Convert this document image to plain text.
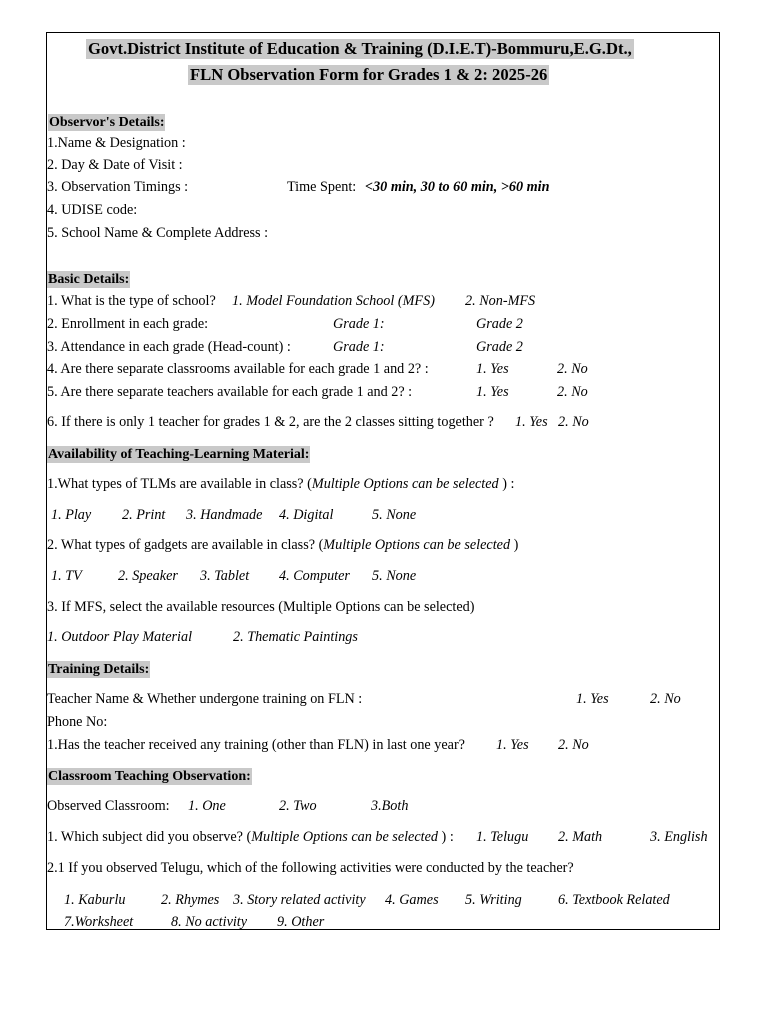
Govt.District Institute of Education & Training (D.I.E.T)-Bommuru,E.G.Dt.,
FLN Observation Form for Grades 1 & 2: 2025-26
Observor's Details:
1.Name & Designation :
2. Day & Date of Visit :
3. Observation Timings :	Time Spent: <30 min, 30 to 60 min, >60 min
4. UDISE code:
5. School Name & Complete Address :
Basic Details:
1. What is the type of school? 1. Model Foundation School (MFS) 2. Non-MFS
2. Enrollment in each grade:	Grade 1:	Grade 2
3. Attendance in each grade (Head-count) :	Grade 1:	Grade 2
4. Are there separate classrooms available for each grade 1 and 2? :	1. Yes	2. No
5. Are there separate teachers available for each grade 1 and 2? :	1. Yes	2. No
6. If there is only 1 teacher for grades 1 & 2, are the 2 classes sitting together ? 1. Yes 2. No
Availability of Teaching-Learning Material:
1.What types of TLMs are available in class? (Multiple Options can be selected ) :
1. Play 2. Print 3. Handmade 4. Digital	5. None
2. What types of gadgets are available in class? (Multiple Options can be selected )
1. TV	2. Speaker 3. Tablet 4. Computer 5. None
3. If MFS, select the available resources (Multiple Options can be selected)
1. Outdoor Play Material	2. Thematic Paintings
Training Details:
Teacher Name & Whether undergone training on FLN :	1. Yes	2. No
Phone No:
1.Has the teacher received any training (other than FLN) in last one year? 1. Yes 2. No
Classroom Teaching Observation:
Observed Classroom: 1. One	2. Two	3.Both
1. Which subject did you observe? (Multiple Options can be selected ) : 1. Telugu 2. Math	3. English
2.1 If you observed Telugu, which of the following activities were conducted by the teacher?
1. Kaburlu	2. Rhymes 3. Story related activity 4. Games 5. Writing	6. Textbook Related
7.Worksheet	8. No activity 9. Other
